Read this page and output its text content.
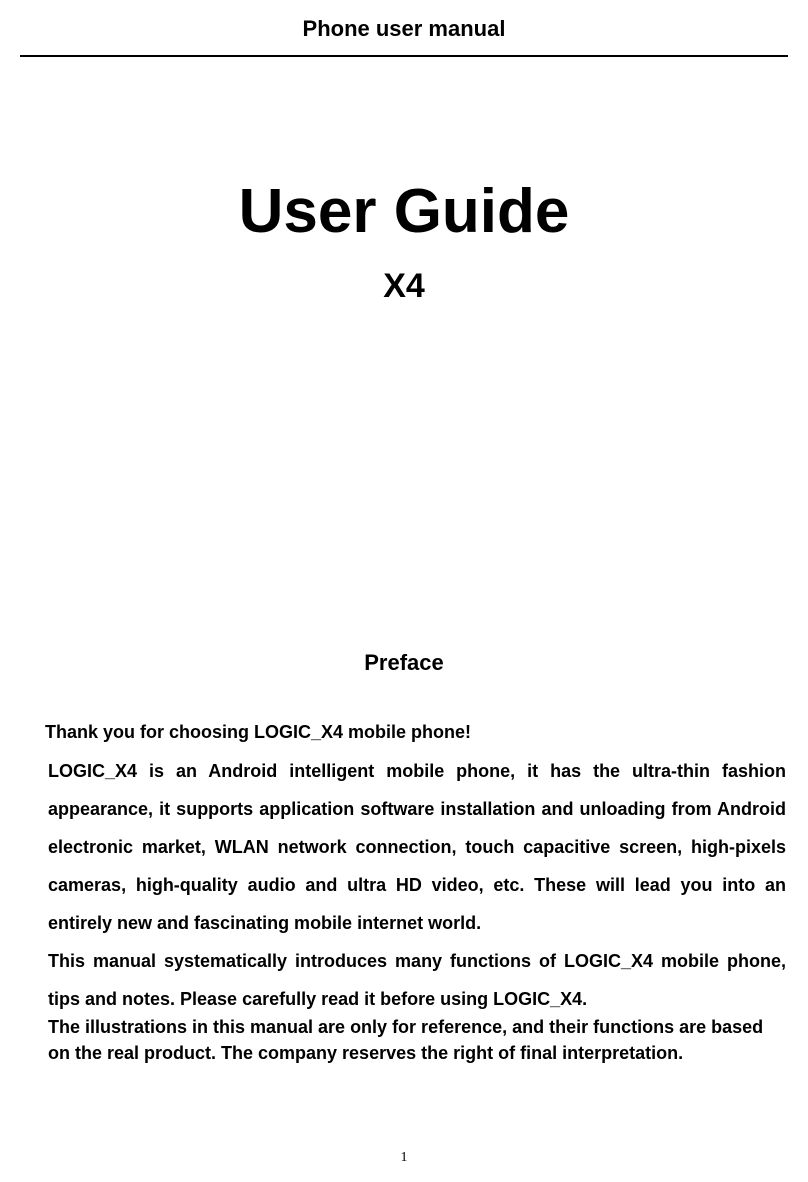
Phone user manual
User Guide
X4
Preface
Thank you for choosing LOGIC_X4 mobile phone!
LOGIC_X4 is an Android intelligent mobile phone, it has the ultra-thin fashion appearance, it supports application software installation and unloading from Android electronic market, WLAN network connection, touch capacitive screen, high-pixels cameras, high-quality audio and ultra HD video, etc. These will lead you into an entirely new and fascinating mobile internet world.
This manual systematically introduces many functions of LOGIC_X4 mobile phone, tips and notes. Please carefully read it before using LOGIC_X4.
The illustrations in this manual are only for reference, and their functions are based on the real product. The company reserves the right of final interpretation.
1
